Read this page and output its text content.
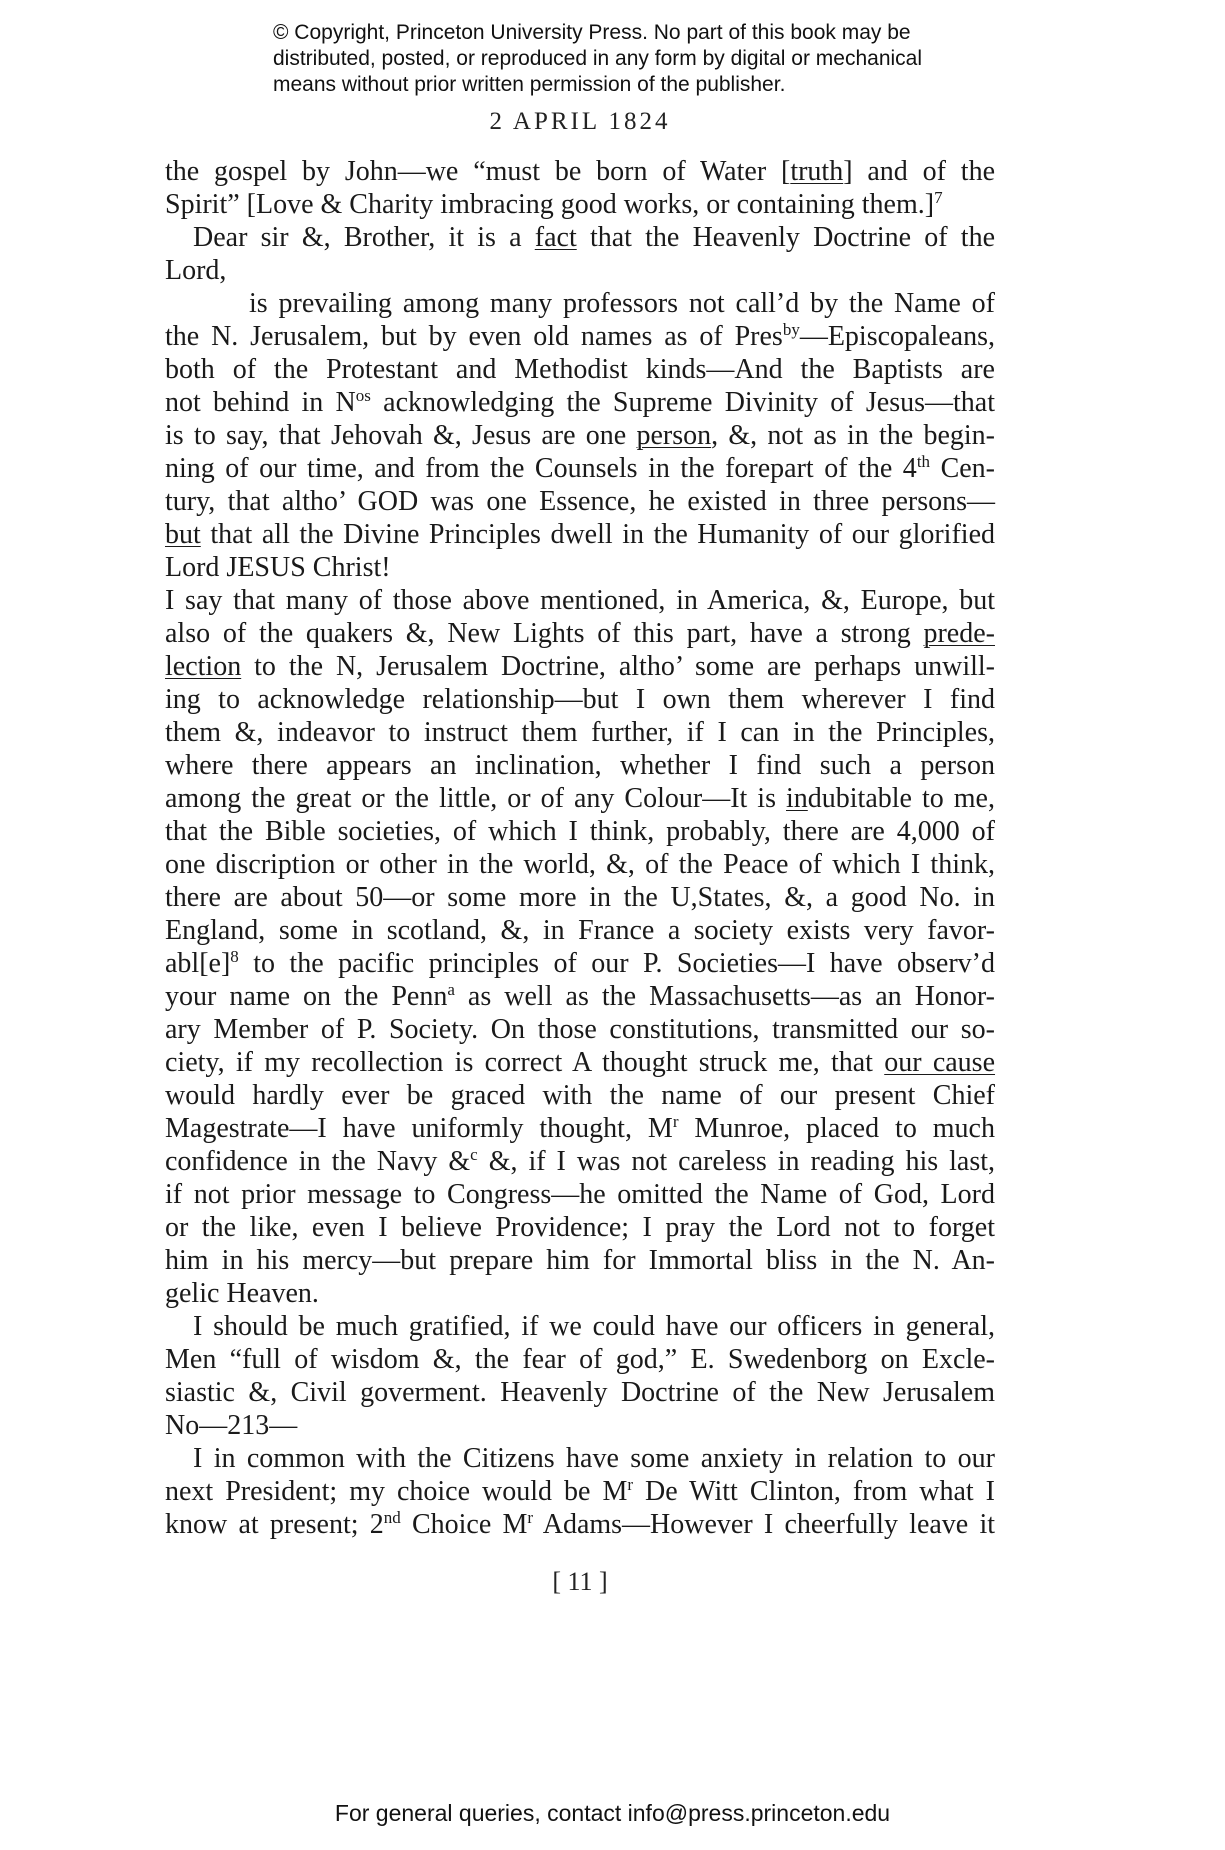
© Copyright, Princeton University Press. No part of this book may be
distributed, posted, or reproduced in any form by digital or mechanical
means without prior written permission of the publisher.
2 APRIL 1824
the gospel by John—we “must be born of Water [truth] and of the
Spirit” [Love & Charity imbracing good works, or containing them.]$^7$
Dear sir &, Brother, it is a fact that the Heavenly Doctrine of the
Lord,
is prevailing among many professors not call’d by the Name of
the N. Jerusalem, but by even old names as of Pres$^{by}$—Episcopaleans,
both of the Protestant and Methodist kinds—And the Baptists are
not behind in $N^{os}$ acknowledging the Supreme Divinity of Jesus—that
is to say, that Jehovah &, Jesus are one person, &, not as in the begin-
ning of our time, and from the Counsels in the forepart of the 4th Cen-
tury, that altho’ GOD was one Essence, he existed in three persons—
but that all the Divine Principles dwell in the Humanity of our glorified
Lord JESUS Christ!
I say that many of those above mentioned, in America, &, Europe, but
also of the quakers &, New Lights of this part, have a strong prede-
lection to the N, Jerusalem Doctrine, altho’ some are perhaps unwill-
ing to acknowledge relationship—but I own them wherever I find
them &, indeavor to instruct them further, if I can in the Principles,
where there appears an inclination, whether I find such a person
among the great or the little, or of any Colour—It is indubitable to me,
that the Bible societies, of which I think, probably, there are 4,000 of
one discription or other in the world, &, of the Peace of which I think,
there are about 50—or some more in the U,States, &, a good No. in
England, some in scotland, &, in France a society exists very favor-
$abl[e]^8$ to the pacific principles of our P. Societies—I have observ’d
your name on the Penn$^a$ as well as the Massachusetts—as an Honor-
ary Member of P. Society. On those constitutions, transmitted our so-
ciety, if my recollection is correct A thought struck me, that our cause
would hardly ever be graced with the name of our present Chief
Magestrate—I have uniformly thought, $M^r$ Munroe, placed to much
confidence in the Navy &$^c$ &, if I was not careless in reading his last,
if not prior message to Congress—he omitted the Name of God, Lord
or the like, even I believe Providence; I pray the Lord not to forget
him in his mercy—but prepare him for Immortal bliss in the N. An-
gelic Heaven.
I should be much gratified, if we could have our officers in general,
Men “full of wisdom &, the fear of god,” E. Swedenborg on Excle-
siastic &, Civil goverment. Heavenly Doctrine of the New Jerusalem
No—213—
I in common with the Citizens have some anxiety in relation to our
next President; my choice would be $M^r$ De Witt Clinton, from what I
know at present; 2nd Choice $M^r$ Adams—However I cheerfully leave it
[ 11 ]
For general queries, contact info@press.princeton.edu
